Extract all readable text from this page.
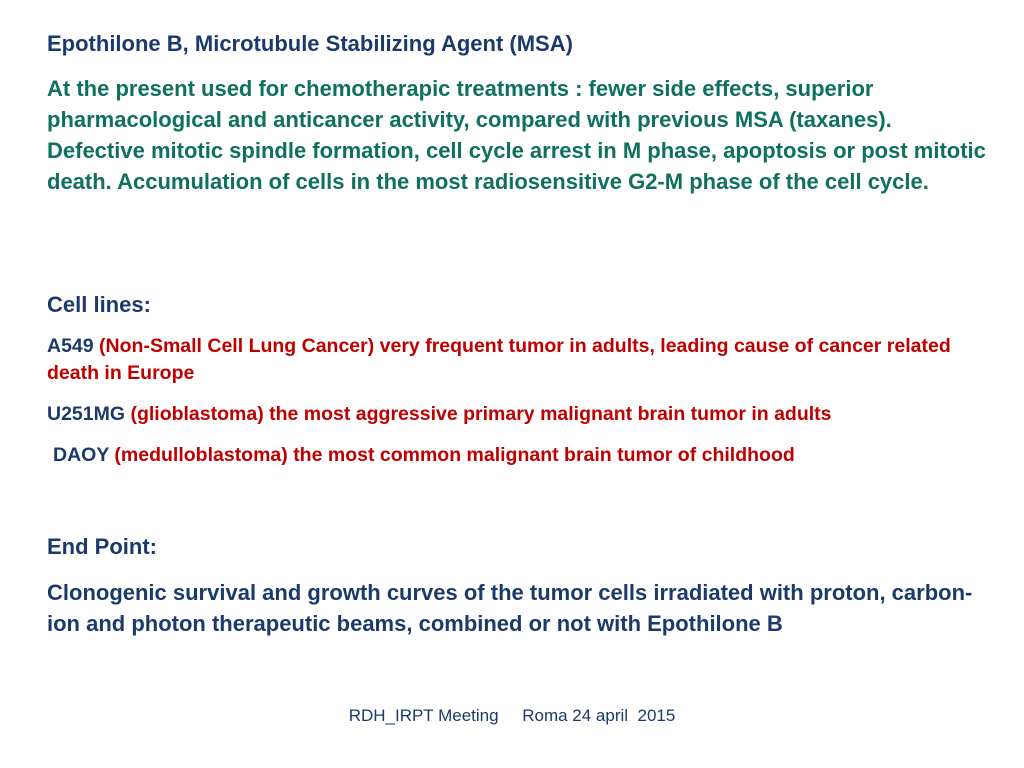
Epothilone B, Microtubule Stabilizing Agent (MSA)

At the present used for chemotherapic treatments : fewer side effects, superior pharmacological and anticancer activity, compared with previous MSA (taxanes). Defective mitotic spindle formation, cell cycle arrest in M phase, apoptosis or post mitotic death. Accumulation of cells in the most radiosensitive G2-M phase of the cell cycle.

Cell lines:

A549 (Non-Small Cell Lung Cancer) very frequent tumor in adults, leading cause of cancer related death in Europe

U251MG (glioblastoma) the most aggressive primary malignant brain tumor in adults

DAOY (medulloblastoma) the most common malignant brain tumor of childhood

End Point:

Clonogenic survival and growth curves of the tumor cells irradiated with proton, carbon-ion and photon therapeutic beams, combined or not with Epothilone B

RDH_IRPT Meeting Roma 24 april  2015
